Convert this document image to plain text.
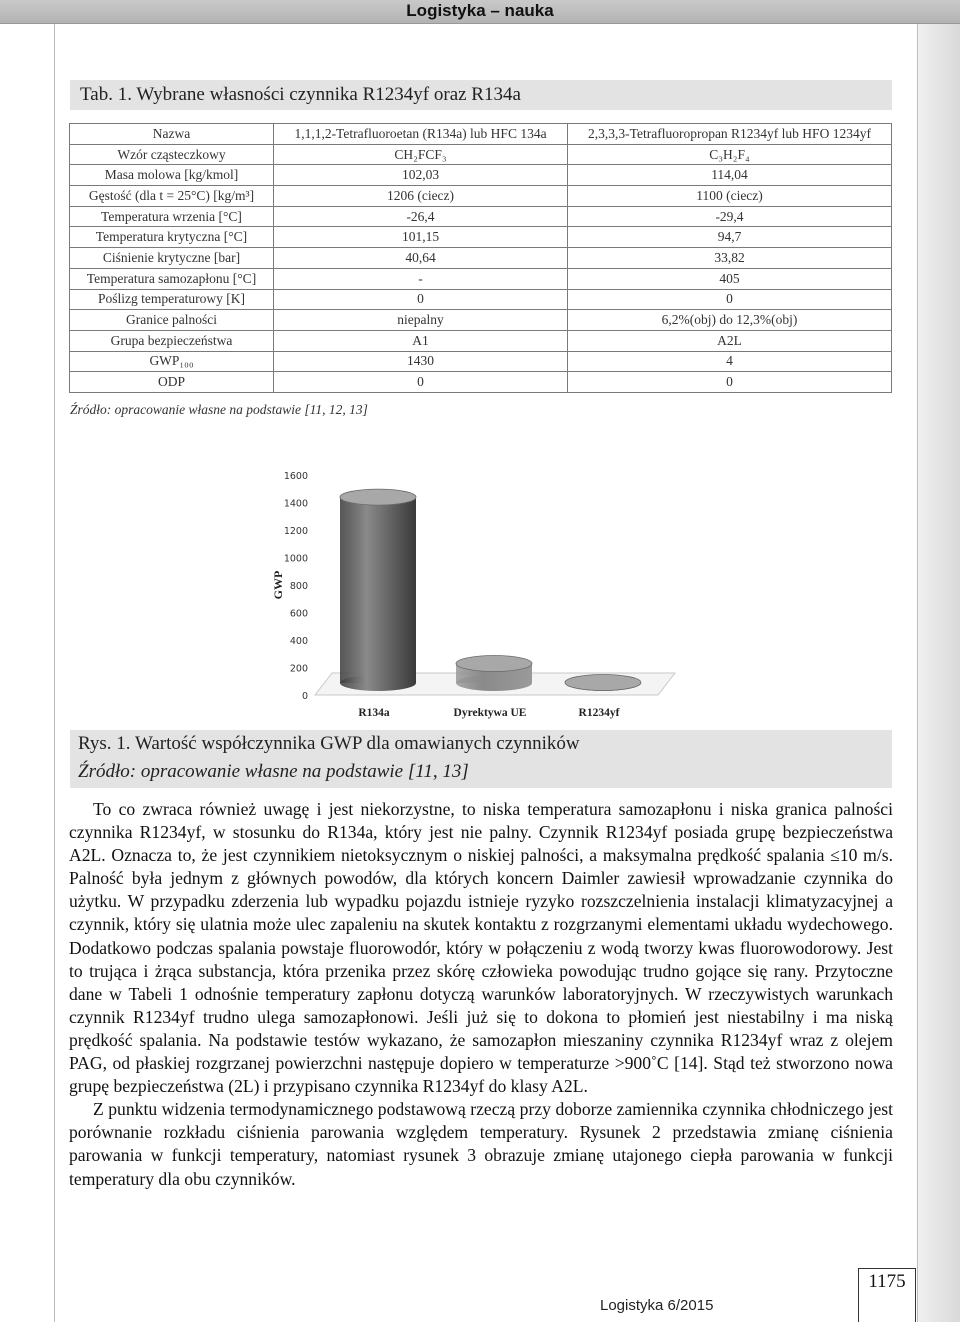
Logistyka – nauka
Tab. 1. Wybrane własności czynnika R1234yf oraz R134a
Nazwa	1,1,1,2-Tetrafluoroetan (R134a) lub HFC 134a	2,3,3,3-Tetrafluoropropan R1234yf lub HFO 1234yf
Wzór cząsteczkowy	CH₂FCF₃	C₃H₂F₄
Masa molowa [kg/kmol]	102,03	114,04
Gęstość (dla t = 25°C) [kg/m³]	1206 (ciecz)	1100 (ciecz)
Temperatura wrzenia [°C]	-26,4	-29,4
Temperatura krytyczna [°C]	101,15	94,7
Ciśnienie krytyczne [bar]	40,64	33,82
Temperatura samozapłonu [°C]	-	405
Poślizg temperaturowy [K]	0	0
Granice palności	niepalny	6,2%(obj) do 12,3%(obj)
Grupa bezpieczeństwa	A1	A2L
GWP₁₀₀	1430	4
ODP	0	0
Źródło: opracowanie własne na podstawie [11, 12, 13]
0
200
400
600
800
1000
1200
1400
1600
GWP
R134a	Dyrektywa UE	R1234yf
Rys. 1. Wartość współczynnika GWP dla omawianych czynników
Źródło: opracowanie własne na podstawie [11, 13]

To co zwraca również uwagę i jest niekorzystne, to niska temperatura samozapłonu i niska granica palności czynnika R1234yf, w stosunku do R134a, który jest nie palny. Czynnik R1234yf posiada grupę bezpieczeństwa A2L. Oznacza to, że jest czynnikiem nietoksycznym o niskiej palności, a maksymalna prędkość spalania ≤10 m/s. Palność była jednym z głównych powodów, dla których koncern Daimler zawiesił wprowadzanie czynnika do użytku. W przypadku zderzenia lub wypadku pojazdu istnieje ryzyko rozszczelnienia instalacji klimatyzacyjnej a czynnik, który się ulatnia może ulec zapaleniu na skutek kontaktu z rozgrzanymi elementami układu wydechowego. Dodatkowo podczas spalania powstaje fluorowodór, który w połączeniu z wodą tworzy kwas fluorowodorowy. Jest to trująca i żrąca substancja, która przenika przez skórę człowieka powodując trudno gojące się rany. Przytoczne dane w Tabeli 1 odnośnie temperatury zapłonu dotyczą warunków laboratoryjnych. W rzeczywistych warunkach czynnik R1234yf trudno ulega samozapłonowi. Jeśli już się to dokona to płomień jest niestabilny i ma niską prędkość spalania. Na podstawie testów wykazano, że samozapłon mieszaniny czynnika R1234yf wraz z olejem PAG, od płaskiej rozgrzanej powierzchni następuje dopiero w temperaturze >900˚C [14]. Stąd też stworzono nowa grupę bezpieczeństwa (2L) i przypisano czynnika R1234yf do klasy A2L.

Z punktu widzenia termodynamicznego podstawową rzeczą przy doborze zamiennika czynnika chłodniczego jest porównanie rozkładu ciśnienia parowania względem temperatury. Rysunek 2 przedstawia zmianę ciśnienia parowania w funkcji temperatury, natomiast rysunek 3 obrazuje zmianę utajonego ciepła parowania w funkcji temperatury dla obu czynników.

1175
Logistyka 6/2015
